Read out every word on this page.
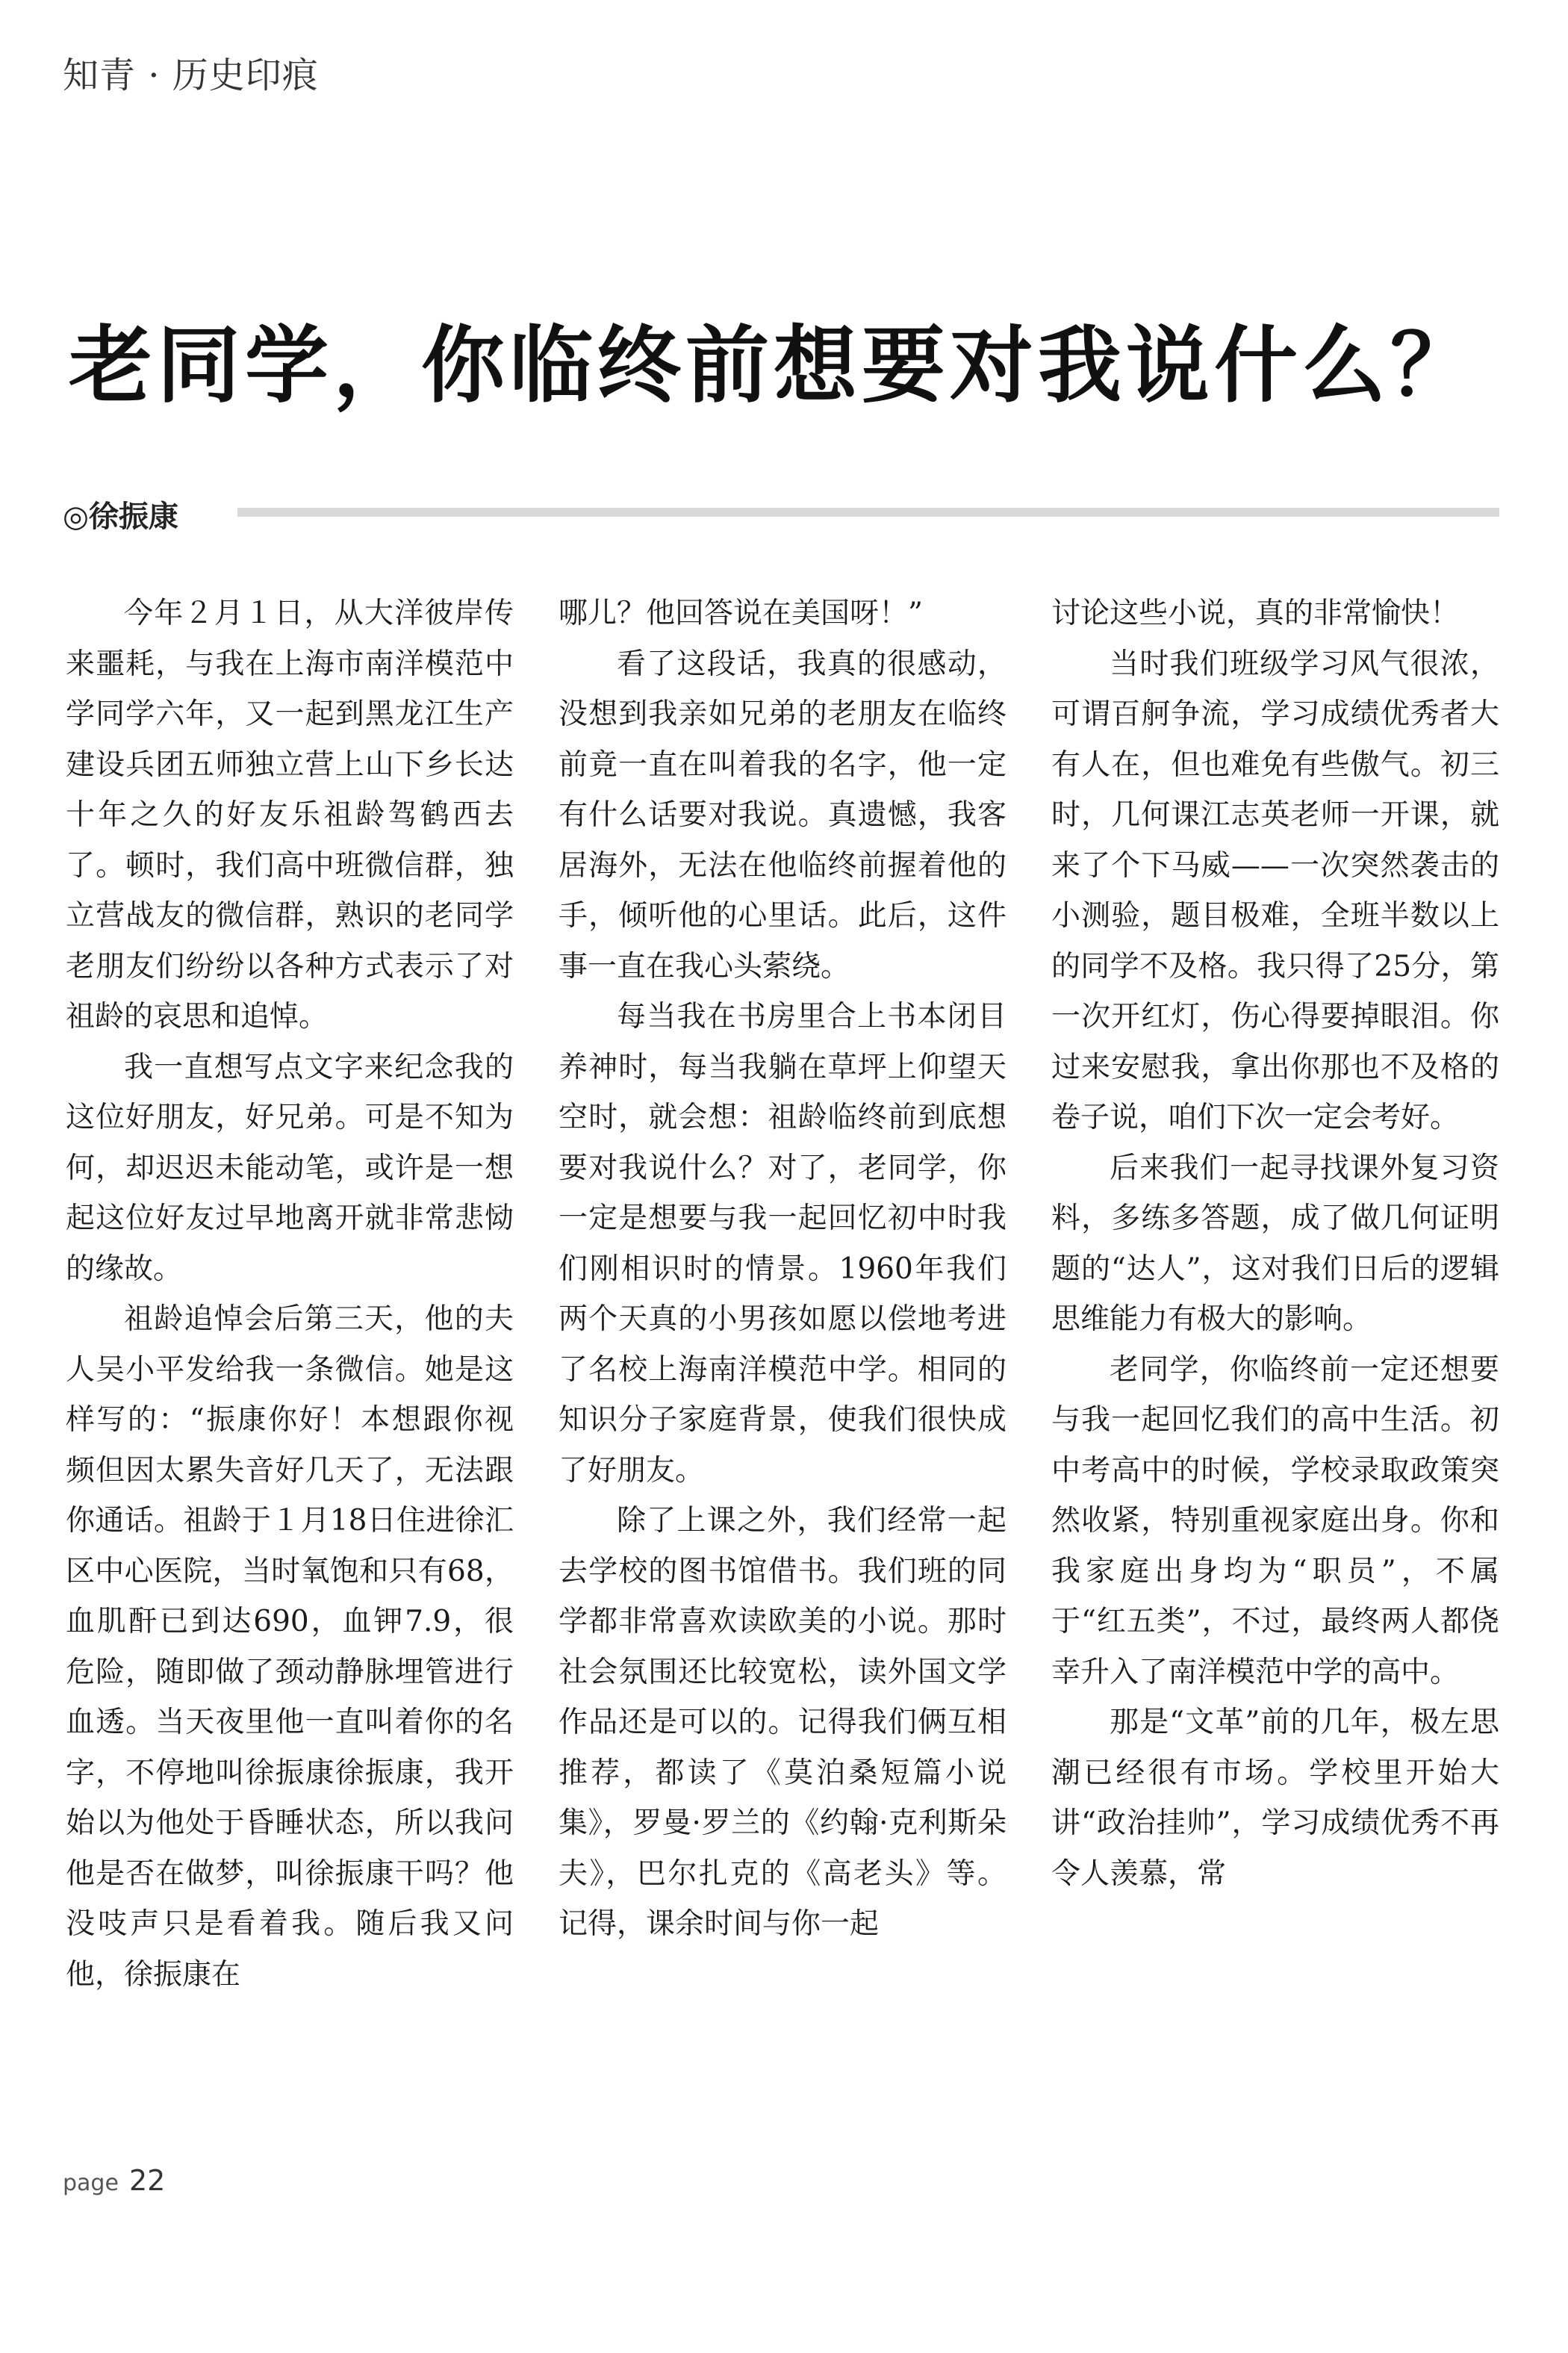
知青 · 历史印痕
老同学，你临终前想要对我说什么？
◎徐振康

今年２月１日，从大洋彼岸传来噩耗，与我在上海市南洋模范中学同学六年，又一起到黑龙江生产建设兵团五师独立营上山下乡长达十年之久的好友乐祖龄驾鹤西去了。顿时，我们高中班微信群，独立营战友的微信群，熟识的老同学老朋友们纷纷以各种方式表示了对祖龄的哀思和追悼。

我一直想写点文字来纪念我的这位好朋友，好兄弟。可是不知为何，却迟迟未能动笔，或许是一想起这位好友过早地离开就非常悲恸的缘故。

祖龄追悼会后第三天，他的夫人吴小平发给我一条微信。她是这样写的：“振康你好！本想跟你视频但因太累失音好几天了，无法跟你通话。祖龄于１月18日住进徐汇区中心医院，当时氧饱和只有68，血肌酐已到达690，血钾7.9，很危险，随即做了颈动静脉埋管进行血透。当天夜里他一直叫着你的名字，不停地叫徐振康徐振康，我开始以为他处于昏睡状态，所以我问他是否在做梦，叫徐振康干吗？他没吱声只是看着我。随后我又问他，徐振康在

哪儿？他回答说在美国呀！”

看了这段话，我真的很感动，没想到我亲如兄弟的老朋友在临终前竟一直在叫着我的名字，他一定有什么话要对我说。真遗憾，我客居海外，无法在他临终前握着他的手，倾听他的心里话。此后，这件事一直在我心头萦绕。

每当我在书房里合上书本闭目养神时，每当我躺在草坪上仰望天空时，就会想：祖龄临终前到底想要对我说什么？对了，老同学，你一定是想要与我一起回忆初中时我们刚相识时的情景。1960年我们两个天真的小男孩如愿以偿地考进了名校上海南洋模范中学。相同的知识分子家庭背景，使我们很快成了好朋友。

除了上课之外，我们经常一起去学校的图书馆借书。我们班的同学都非常喜欢读欧美的小说。那时社会氛围还比较宽松，读外国文学作品还是可以的。记得我们俩互相推荐，都读了《莫泊桑短篇小说集》，罗曼·罗兰的《约翰·克利斯朵夫》，巴尔扎克的《高老头》等。记得，课余时间与你一起

讨论这些小说，真的非常愉快！

当时我们班级学习风气很浓，可谓百舸争流，学习成绩优秀者大有人在，但也难免有些傲气。初三时，几何课江志英老师一开课，就来了个下马威——一次突然袭击的小测验，题目极难，全班半数以上的同学不及格。我只得了25分，第一次开红灯，伤心得要掉眼泪。你过来安慰我，拿出你那也不及格的卷子说，咱们下次一定会考好。

后来我们一起寻找课外复习资料，多练多答题，成了做几何证明题的“达人”，这对我们日后的逻辑思维能力有极大的影响。

老同学，你临终前一定还想要与我一起回忆我们的高中生活。初中考高中的时候，学校录取政策突然收紧，特别重视家庭出身。你和我家庭出身均为“职员”，不属于“红五类”，不过，最终两人都侥幸升入了南洋模范中学的高中。

那是“文革”前的几年，极左思潮已经很有市场。学校里开始大讲“政治挂帅”，学习成绩优秀不再令人羡慕，常

page 22
